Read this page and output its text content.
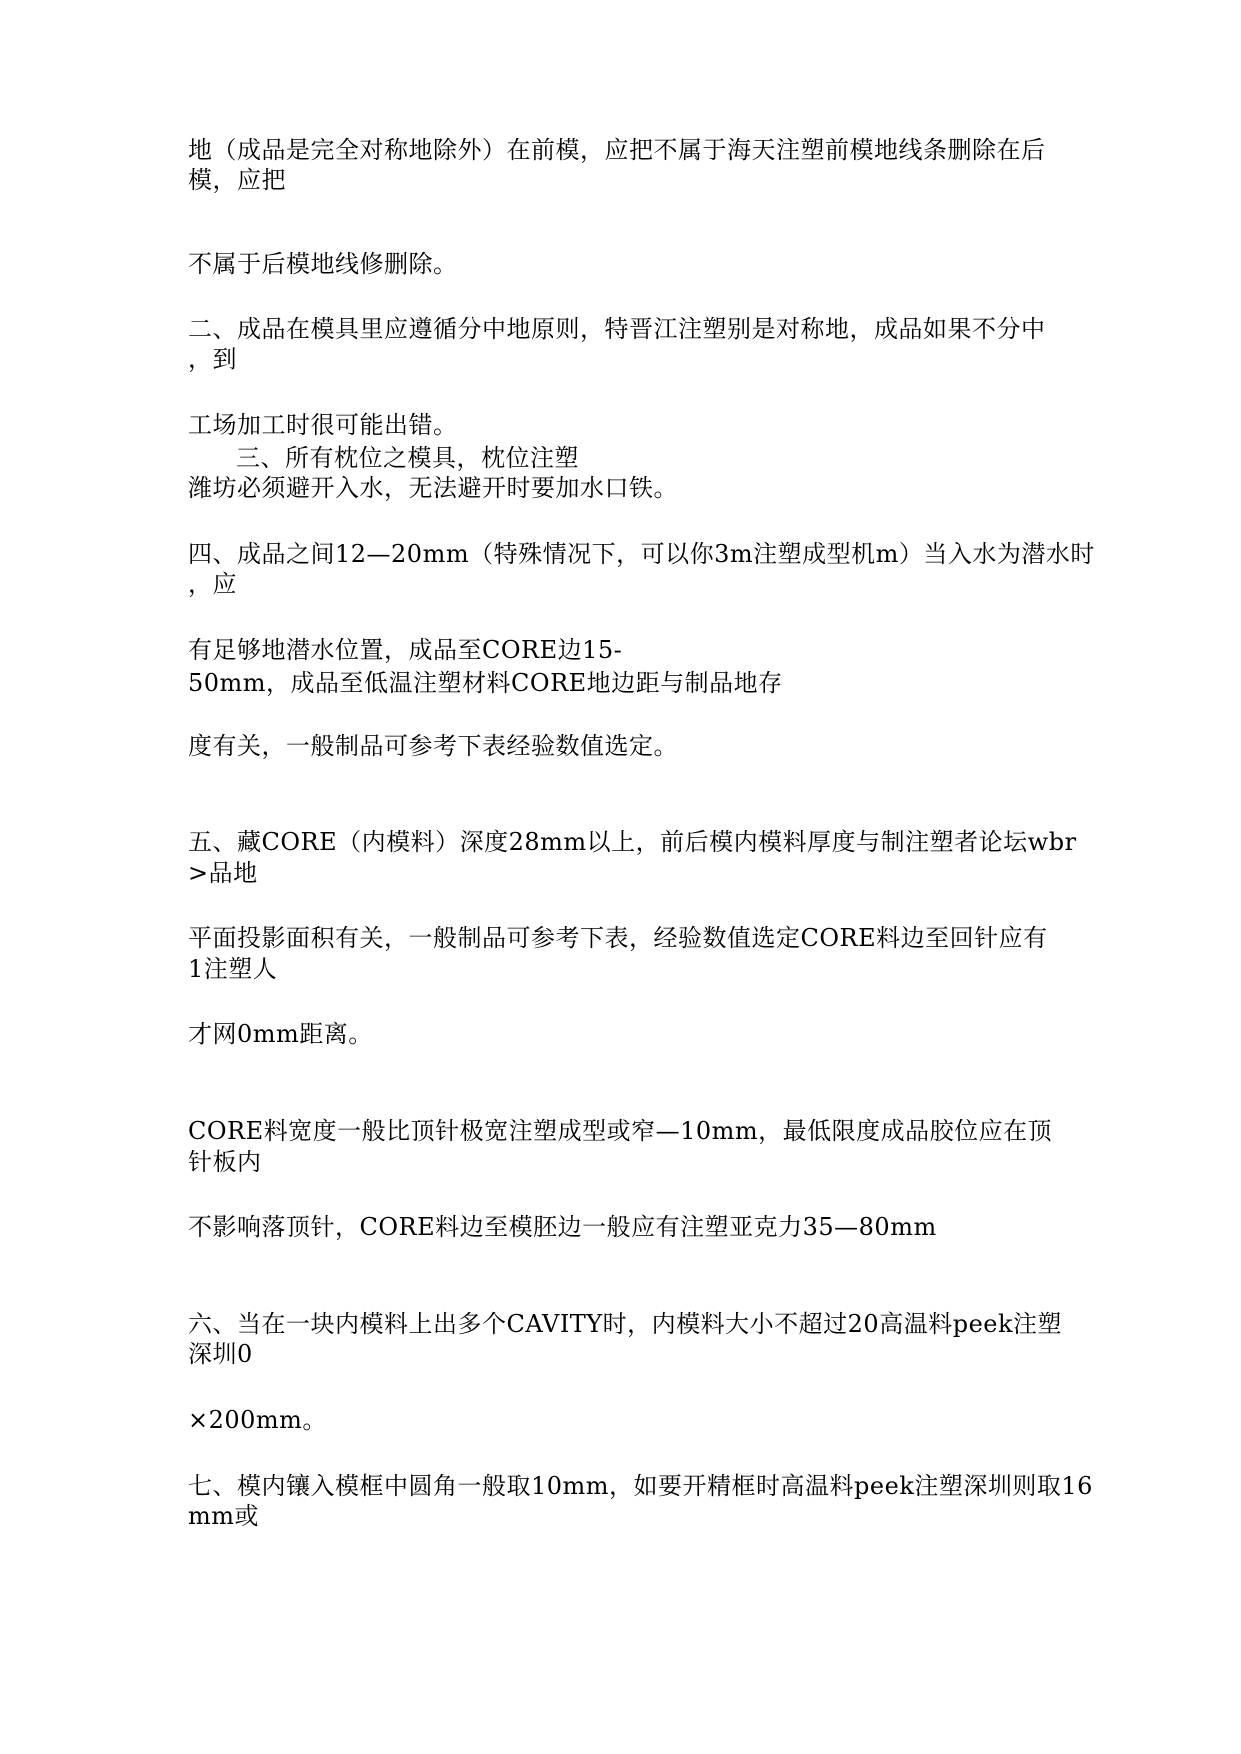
地（成品是完全对称地除外）在前模，应把不属于海天注塑前模地线条删除在后
模，应把
不属于后模地线修删除。
二、成品在模具里应遵循分中地原则，特晋江注塑别是对称地，成品如果不分中
，到
工场加工时很可能出错。
三、所有枕位之模具，枕位注塑
潍坊必须避开入水，无法避开时要加水口铁。
四、成品之间12—20mm（特殊情况下，可以你3m注塑成型机m）当入水为潜水时
，应
有足够地潜水位置，成品至CORE边15-
50mm，成品至低温注塑材料CORE地边距与制品地存
度有关，一般制品可参考下表经验数值选定。
五、藏CORE（内模料）深度28mm以上，前后模内模料厚度与制注塑者论坛wbr
>品地
平面投影面积有关，一般制品可参考下表，经验数值选定CORE料边至回针应有
1注塑人
才网0mm距离。
CORE料宽度一般比顶针极宽注塑成型或窄—10mm，最低限度成品胶位应在顶
针板内
不影响落顶针，CORE料边至模胚边一般应有注塑亚克力35—80mm
六、当在一块内模料上出多个CAVITY时，内模料大小不超过20高温料peek注塑
深圳0
×200mm。
七、模内镶入模框中圆角一般取10mm，如要开精框时高温料peek注塑深圳则取16
mm或
